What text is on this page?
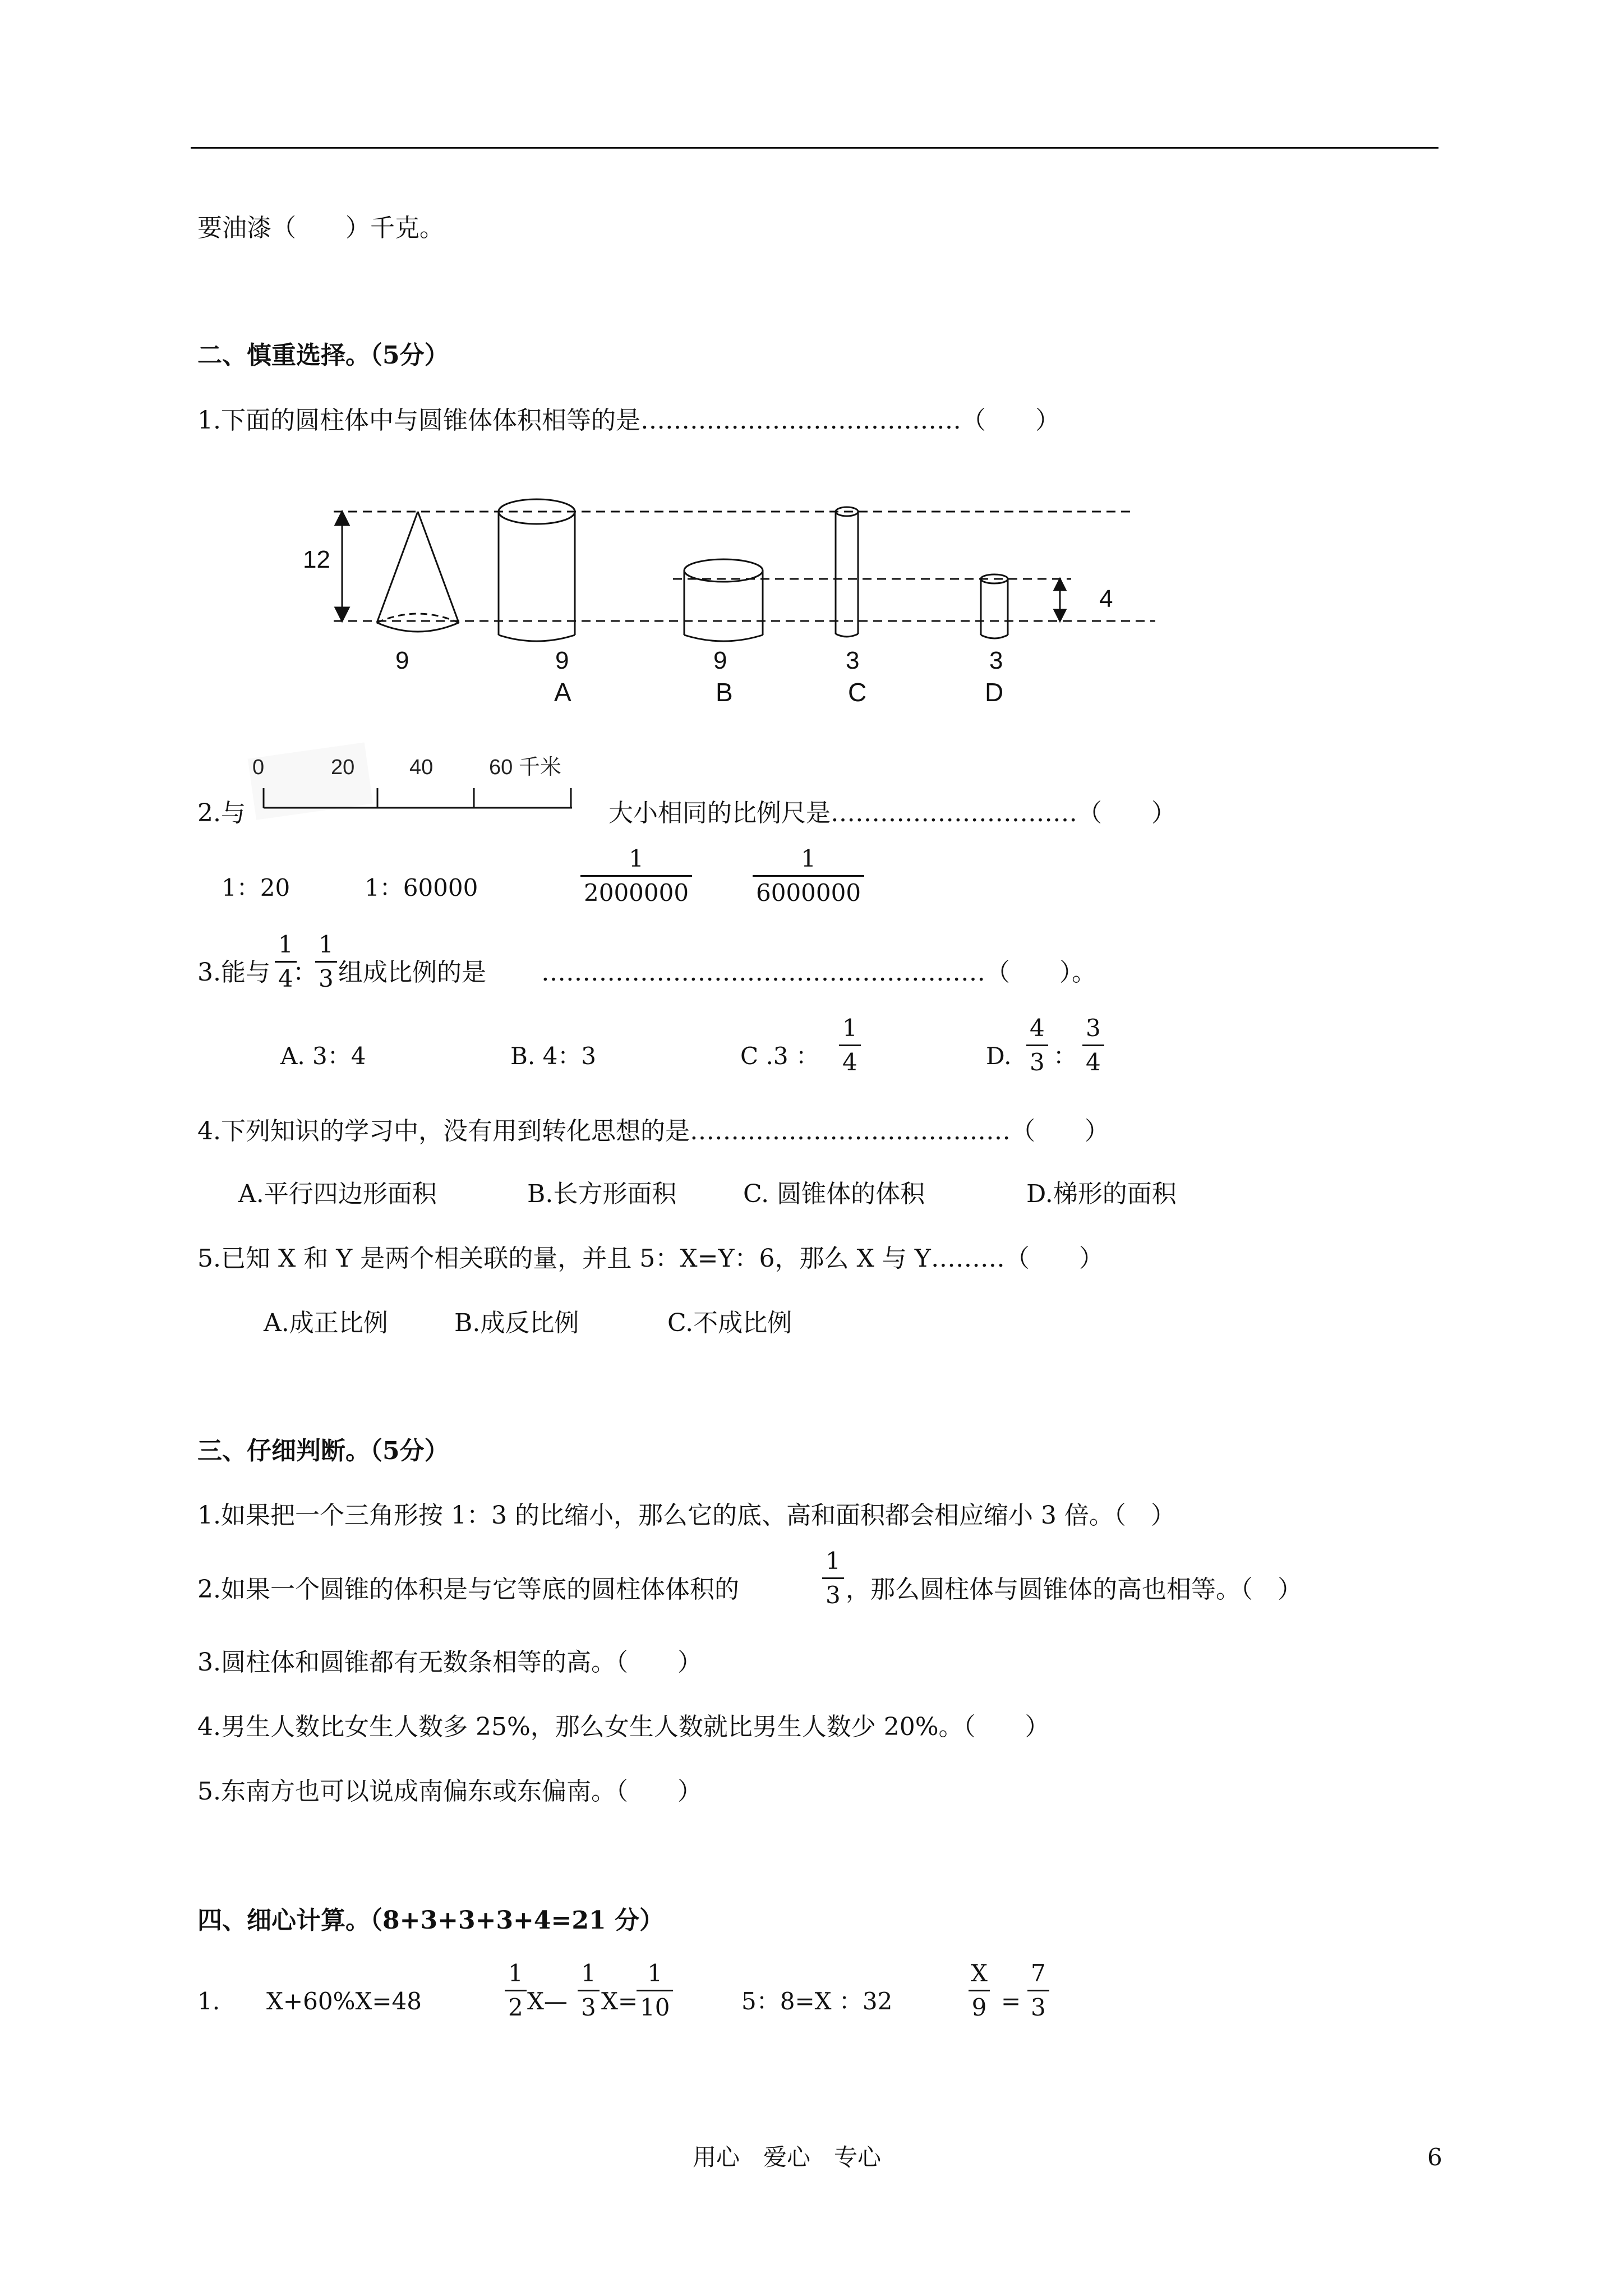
要油漆（　　）千克。
二、慎重选择。（5分）
1.下面的圆柱体中与圆锥体体积相等的是…………………………………（　　）
12
4
9	9	9	3	3
A	B	C	D
2.与
0	20	40	60 千米
大小相同的比例尺是…………………………（　　）
1：20	1：60000	$\frac{1}{2000000}$	$\frac{1}{6000000}$
3.能与 $\frac{1}{4}$
：
$\frac{1}{3}$ 组成比例的是 ………………………………………………（　　）。
A. 3：4	B. 4：3	C .3 ： $\frac{1}{4}$	D. $\frac{4}{3}$ ： $\frac{3}{4}$
4.下列知识的学习中，没有用到转化思想的是…………………………………（　　）
A.平行四边形面积	B.长方形面积	C. 圆锥体的体积	D.梯形的面积
5.已知 X 和 Y 是两个相关联的量，并且 5：X=Y：6，那么 X 与 Y………（　　）
A.成正比例	B.成反比例	C.不成比例
三、仔细判断。（5分）
1.如果把一个三角形按 1：3 的比缩小，那么它的底、高和面积都会相应缩小 3 倍。（　）
2.如果一个圆锥的体积是与它等底的圆柱体体积的	$\frac{1}{3}$ ，那么圆柱体与圆锥体的高也相等。（　）
3.圆柱体和圆锥都有无数条相等的高。（　　）
4.男生人数比女生人数多 25%，那么女生人数就比男生人数少 20%。（　　）
5.东南方也可以说成南偏东或东偏南。（　　）
四、细心计算。（8+3+3+3+4=21 分）
1. X+60%X=48	$\frac{1}{2}$ X— $\frac{1}{3} X=$
$\frac{1}{10}$	5：8=X ：32	$\frac{X}{9} = \frac{7}{3}$
用心　爱心　专心	6
